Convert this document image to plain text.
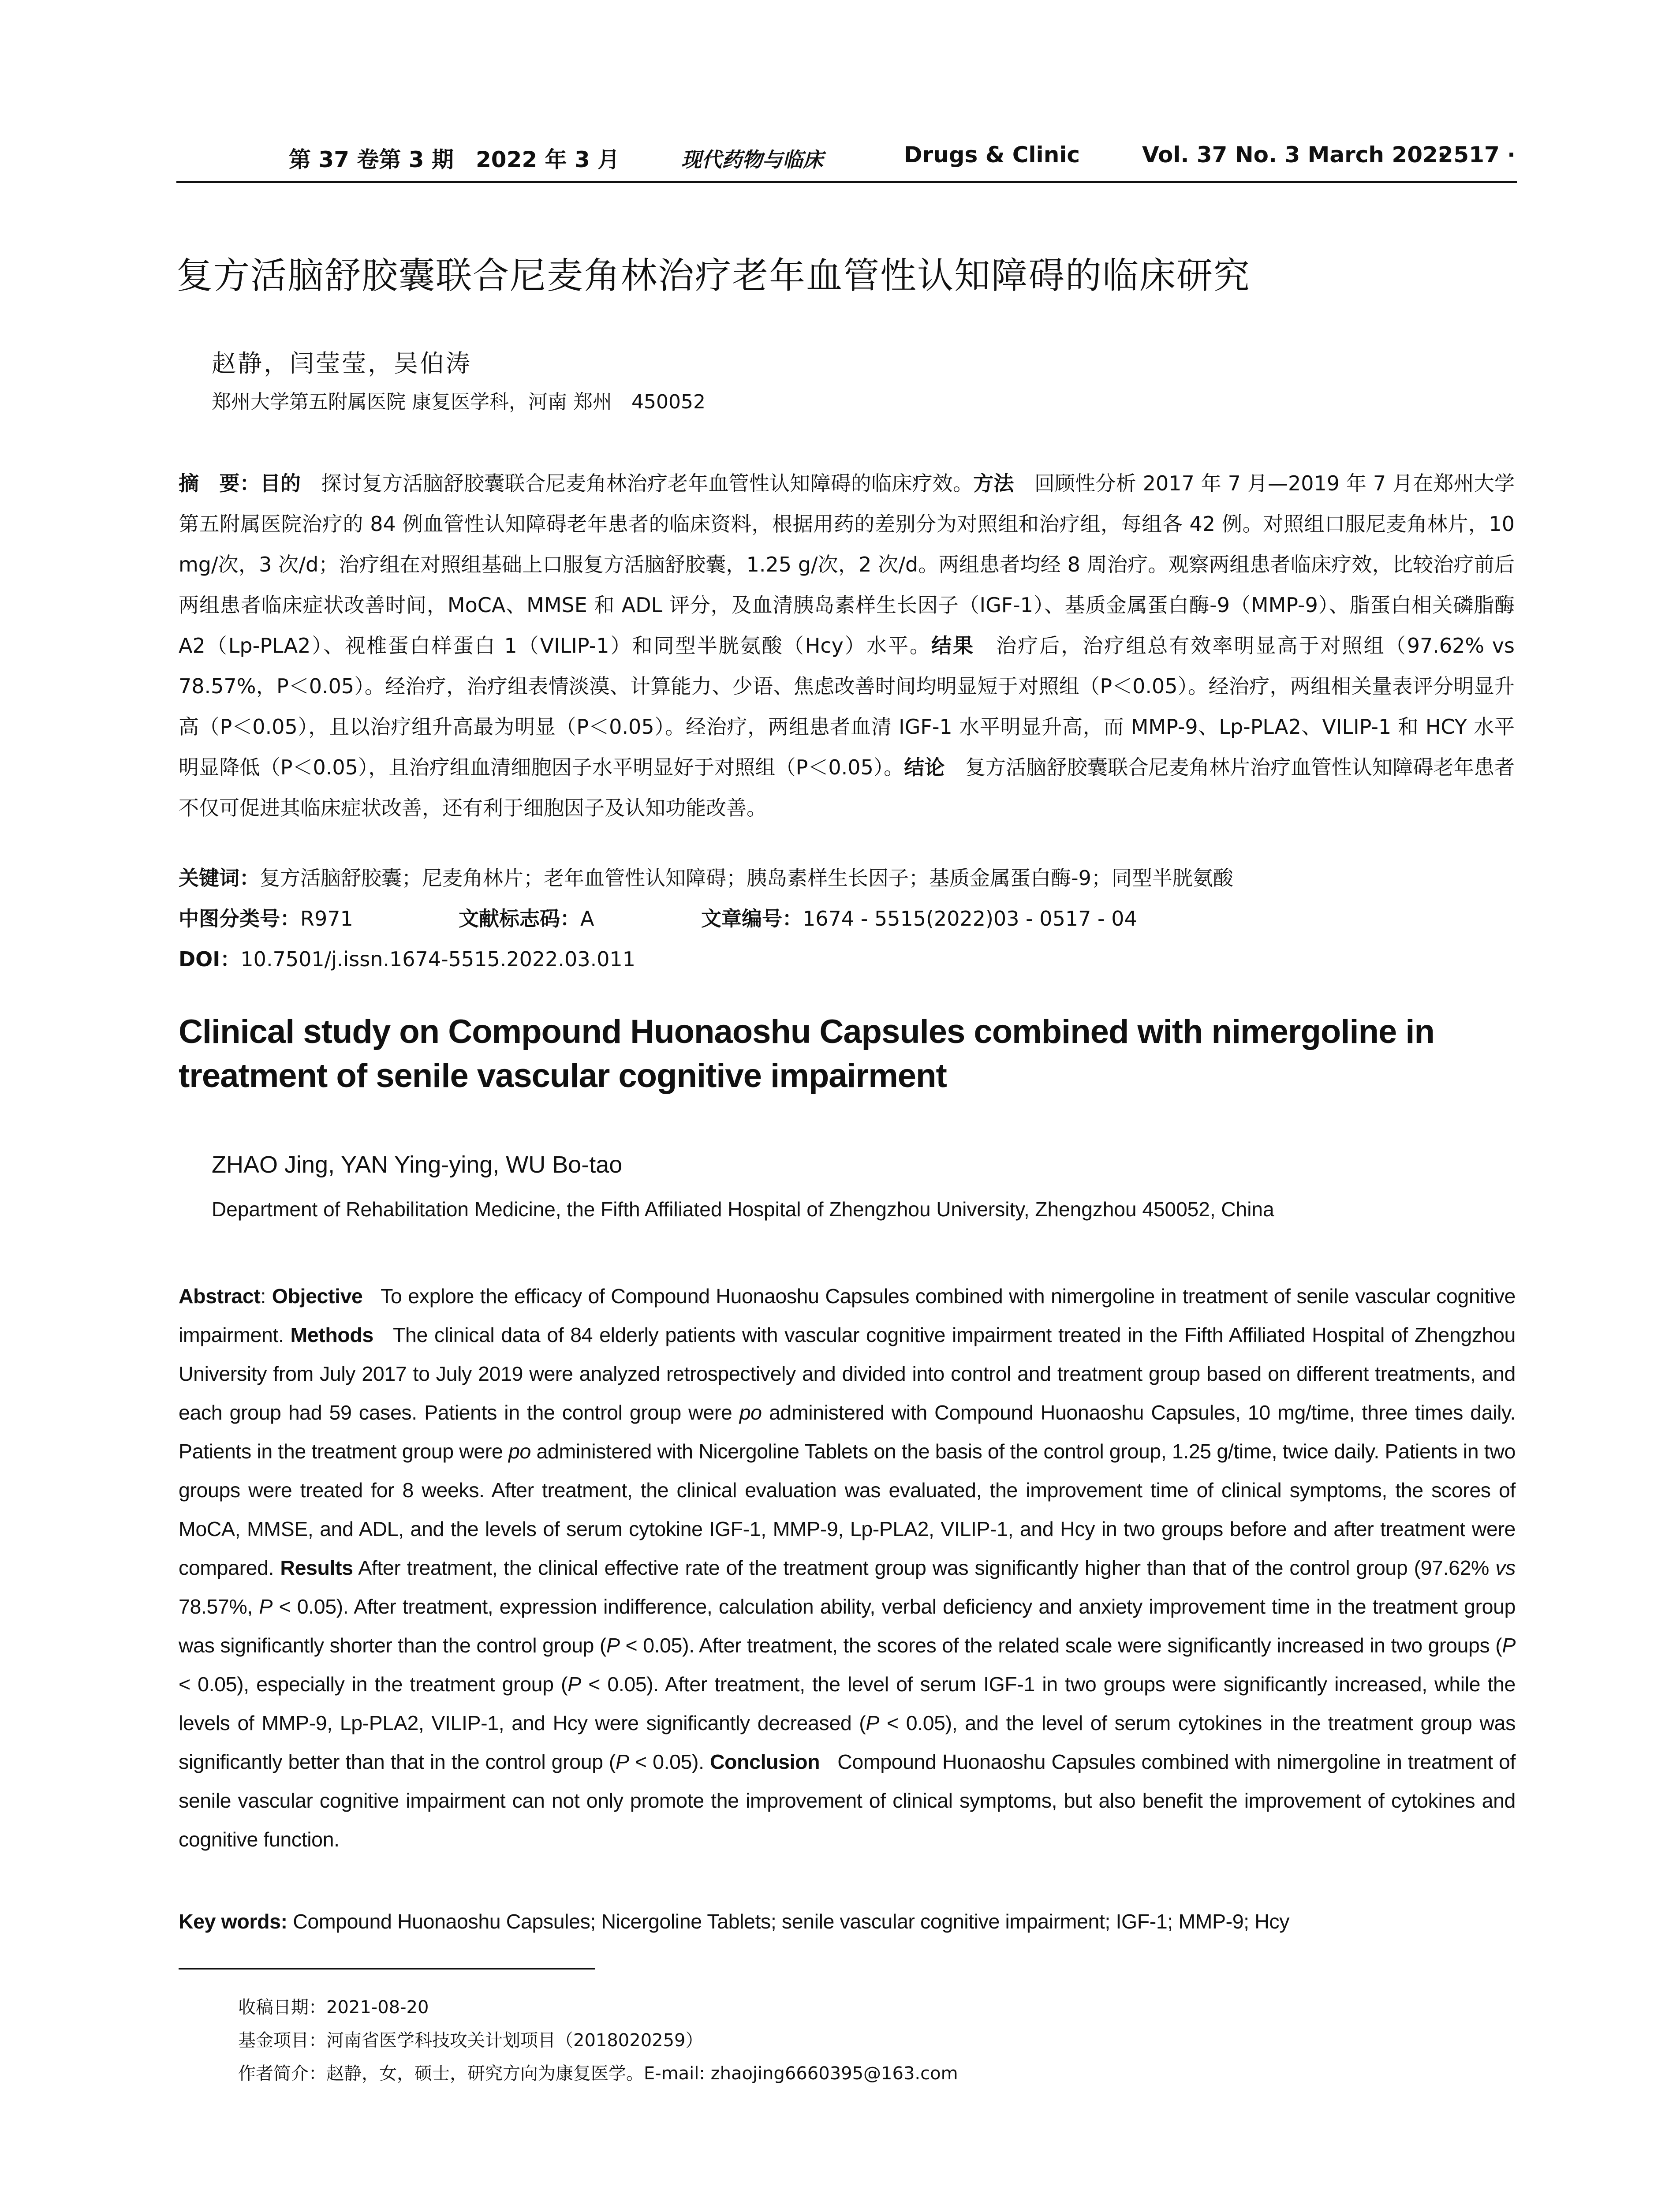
第 37 卷第 3 期　2022 年 3 月	现代药物与临床	Drugs & Clinic	Vol. 37 No. 3 March 2022
· 517 ·
复方活脑舒胶囊联合尼麦角林治疗老年血管性认知障碍的临床研究
赵静，闫莹莹，吴伯涛
郑州大学第五附属医院 康复医学科，河南 郑州　450052
摘　要：目的　 探讨复方活脑舒胶囊联合尼麦角林治疗老年血管性认知障碍的临床疗效。方法　 回顾性分析 2017 年 7 月—2019 年 7 月在郑州大学第五附属医院治疗的 84 例血管性认知障碍老年患者的临床资料，根据用药的差别分为对照组和治疗组，每组各 42 例。对照组口服尼麦角林片，10 mg/次，3 次/d；治疗组在对照组基础上口服复方活脑舒胶囊，1.25 g/次，2 次/d。两组患者均经 8 周治疗。观察两组患者临床疗效，比较治疗前后两组患者临床症状改善时间，MoCA、MMSE 和 ADL 评分，及血清胰岛素样生长因子（IGF-1）、基质金属蛋白酶-9（MMP-9）、脂蛋白相关磷脂酶 A2（Lp-PLA2）、视椎蛋白样蛋白 1（VILIP-1）和同型半胱氨酸（Hcy）水平。结果　 治疗后，治疗组总有效率明显高于对照组（97.62% vs 78.57%，P＜0.05）。经治疗，治疗组表情淡漠、计算能力、少语、焦虑改善时间均明显短于对照组（P＜0.05）。经治疗，两组相关量表评分明显升高（P＜0.05），且以治疗组升高最为明显（P＜0.05）。经治疗，两组患者血清 IGF-1 水平明显升高，而 MMP-9、Lp-PLA2、VILIP-1 和 HCY 水平明显降低（P＜0.05），且治疗组血清细胞因子水平明显好于对照组（P＜0.05）。结论　 复方活脑舒胶囊联合尼麦角林片治疗血管性认知障碍老年患者不仅可促进其临床症状改善，还有利于细胞因子及认知功能改善。
关键词：复方活脑舒胶囊；尼麦角林片；老年血管性认知障碍；胰岛素样生长因子；基质金属蛋白酶-9；同型半胱氨酸
中图分类号：R971	文献标志码：A	文章编号：1674 - 5515(2022)03 - 0517 - 04
DOI：10.7501/j.issn.1674-5515.2022.03.011
Clinical study on Compound Huonaoshu Capsules combined with nimergoline in treatment of senile vascular cognitive impairment
ZHAO Jing, YAN Ying-ying, WU Bo-tao
Department of Rehabilitation Medicine, the Fifth Affiliated Hospital of Zhengzhou University, Zhengzhou 450052, China
Abstract: Objective To explore the efficacy of Compound Huonaoshu Capsules combined with nimergoline in treatment of senile vascular cognitive impairment. Methods The clinical data of 84 elderly patients with vascular cognitive impairment treated in the Fifth Affiliated Hospital of Zhengzhou University from July 2017 to July 2019 were analyzed retrospectively and divided into control and treatment group based on different treatments, and each group had 59 cases. Patients in the control group were po administered with Compound Huonaoshu Capsules, 10 mg/time, three times daily. Patients in the treatment group were po administered with Nicergoline Tablets on the basis of the control group, 1.25 g/time, twice daily. Patients in two groups were treated for 8 weeks. After treatment, the clinical evaluation was evaluated, the improvement time of clinical symptoms, the scores of MoCA, MMSE, and ADL, and the levels of serum cytokine IGF-1, MMP-9, Lp-PLA2, VILIP-1, and Hcy in two groups before and after treatment were compared. Results After treatment, the clinical effective rate of the treatment group was significantly higher than that of the control group (97.62% vs 78.57%, P < 0.05). After treatment, expression indifference, calculation ability, verbal deficiency and anxiety improvement time in the treatment group was significantly shorter than the control group (P < 0.05). After treatment, the scores of the related scale were significantly increased in two groups (P < 0.05), especially in the treatment group (P < 0.05). After treatment, the level of serum IGF-1 in two groups were significantly increased, while the levels of MMP-9, Lp-PLA2, VILIP-1, and Hcy were significantly decreased (P < 0.05), and the level of serum cytokines in the treatment group was significantly better than that in the control group (P < 0.05). Conclusion Compound Huonaoshu Capsules combined with nimergoline in treatment of senile vascular cognitive impairment can not only promote the improvement of clinical symptoms, but also benefit the improvement of cytokines and cognitive function.
Key words: Compound Huonaoshu Capsules; Nicergoline Tablets; senile vascular cognitive impairment; IGF-1; MMP-9; Hcy
收稿日期：2021-08-20
基金项目：河南省医学科技攻关计划项目（2018020259）
作者简介：赵静，女，硕士，研究方向为康复医学。E-mail: zhaojing6660395@163.com
